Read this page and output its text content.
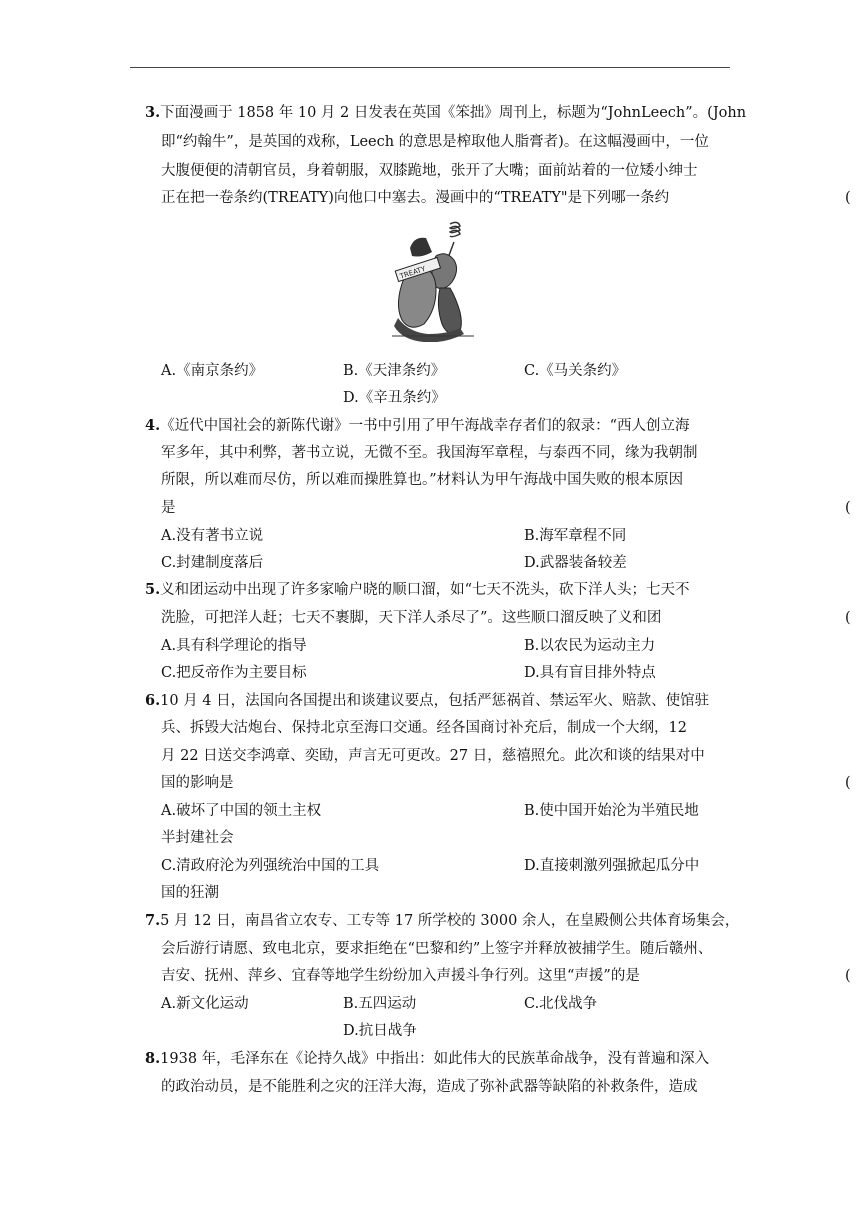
3.下面漫画于 1858 年 10 月 2 日发表在英国《笨拙》周刊上，标题为“JohnLeech”。(John
即“约翰牛”，是英国的戏称，Leech 的意思是榨取他人脂膏者)。在这幅漫画中，一位
大腹便便的清朝官员，身着朝服，双膝跪地，张开了大嘴；面前站着的一位矮小绅士
正在把一卷条约(TREATY)向他口中塞去。漫画中的“TREATY"是下列哪一条约	(
TREATY
A.《南京条约》	B.《天津条约》	C.《马关条约》
D.《辛丑条约》
4.《近代中国社会的新陈代谢》一书中引用了甲午海战幸存者们的叙录：“西人创立海
军多年，其中利弊，著书立说，无微不至。我国海军章程，与泰西不同，缘为我朝制
所限，所以难而尽仿，所以难而操胜算也。”材料认为甲午海战中国失败的根本原因
是	(
A.没有著书立说	B.海军章程不同
C.封建制度落后	D.武器装备较差
5.义和团运动中出现了许多家喻户晓的顺口溜，如“七天不洗头，砍下洋人头；七天不
洗脸，可把洋人赶；七天不裹脚，天下洋人杀尽了”。这些顺口溜反映了义和团	(
A.具有科学理论的指导	B.以农民为运动主力
C.把反帝作为主要目标	D.具有盲目排外特点
6.10 月 4 日，法国向各国提出和谈建议要点，包括严惩祸首、禁运军火、赔款、使馆驻
兵、拆毁大沽炮台、保持北京至海口交通。经各国商讨补充后，制成一个大纲，12
月 22 日送交李鸿章、奕劻，声言无可更改。27 日，慈禧照允。此次和谈的结果对中
国的影响是	(
A.破坏了中国的领土主权	B.使中国开始沦为半殖民地
半封建社会
C.清政府沦为列强统治中国的工具	D.直接刺激列强掀起瓜分中
国的狂潮
7.5 月 12 日，南昌省立农专、工专等 17 所学校的 3000 余人，在皇殿侧公共体育场集会，
会后游行请愿、致电北京，要求拒绝在“巴黎和约”上签字并释放被捕学生。随后赣州、
吉安、抚州、萍乡、宜春等地学生纷纷加入声援斗争行列。这里“声援”的是	(
A.新文化运动	B.五四运动	C.北伐战争
D.抗日战争
8.1938 年，毛泽东在《论持久战》中指出：如此伟大的民族革命战争，没有普遍和深入
的政治动员，是不能胜利之灾的汪洋大海，造成了弥补武器等缺陷的补救条件，造成
